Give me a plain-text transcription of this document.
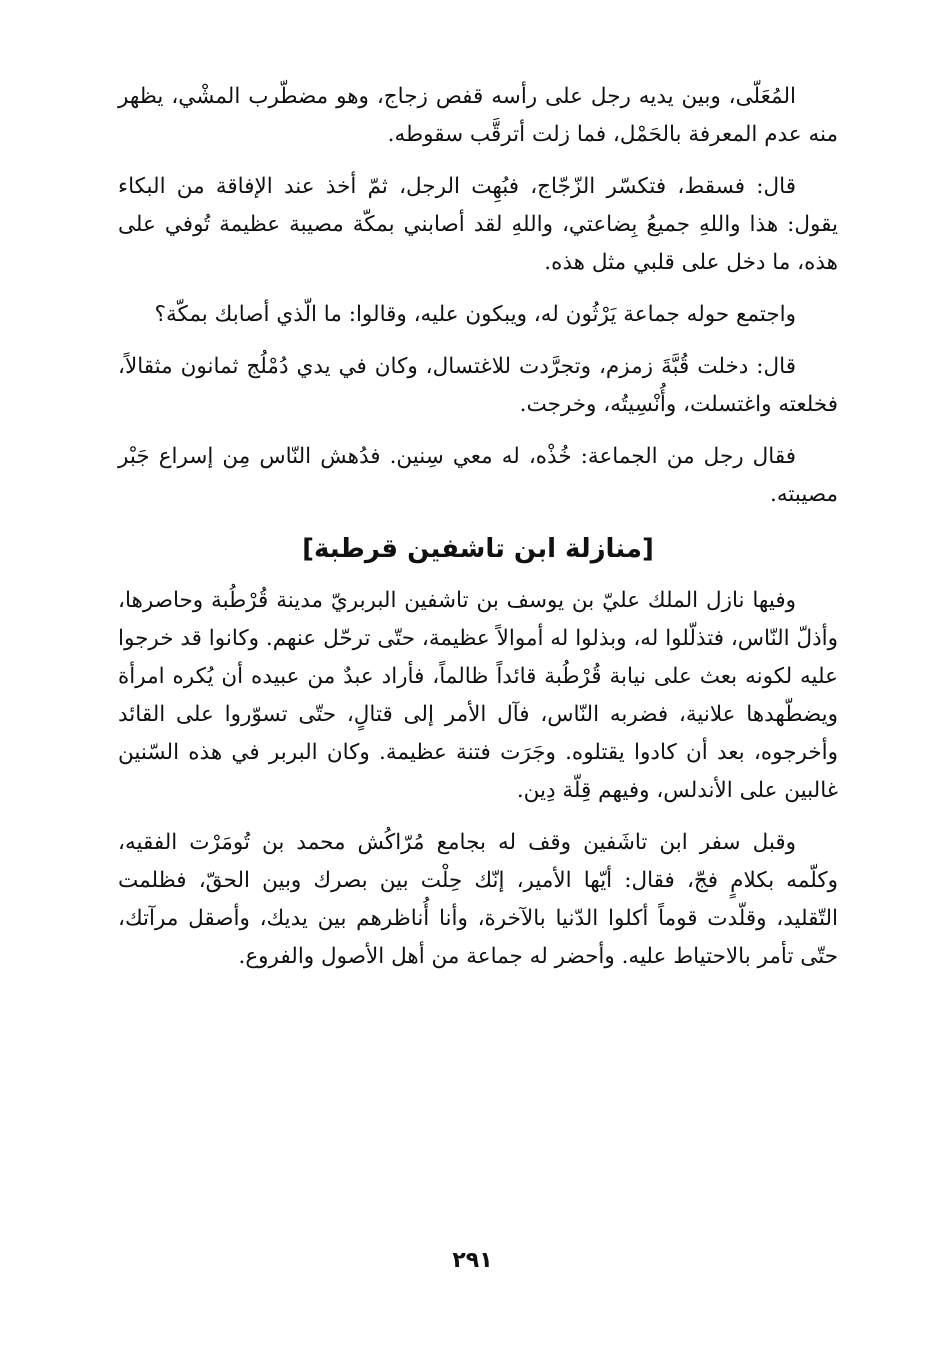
المُعَلّى، وبين يديه رجل على رأسه قفص زجاج، وهو مضطّرب المشْي، يظهر منه عدم المعرفة بالحَمْل، فما زلت أترقَّب سقوطه.

قال: فسقط، فتكسّر الزّجّاج، فبُهِت الرجل، ثمّ أخذ عند الإفاقة من البكاء يقول: هذا واللهِ جميعُ بِضاعتي، واللهِ لقد أصابني بمكّة مصيبة عظيمة تُوفي على هذه، ما دخل على قلبي مثل هذه.

واجتمع حوله جماعة يَرْثُون له، ويبكون عليه، وقالوا: ما الّذي أصابك بمكّة؟

قال: دخلت قُبَّةَ زمزم، وتجرَّدت للاغتسال، وكان في يدي دُمْلُج ثمانون مثقالاً، فخلعته واغتسلت، وأُنْسِيتُه، وخرجت.

فقال رجل من الجماعة: خُذْه، له معي سِنين. فدُهش النّاس مِن إسراع جَبْر مصيبته.

[منازلة ابن تاشفين قرطبة]

وفيها نازل الملك عليّ بن يوسف بن تاشفين البربريّ مدينة قُرْطُبة وحاصرها، وأذلّ النّاس، فتذلّلوا له، وبذلوا له أموالاً عظيمة، حتّى ترحّل عنهم. وكانوا قد خرجوا عليه لكونه بعث على نيابة قُرْطُبة قائداً ظالماً، فأراد عبدٌ من عبيده أن يُكره امرأة ويضطّهدها علانية، فضربه النّاس، فآل الأمر إلى قتالٍ، حتّى تسوّروا على القائد وأخرجوه، بعد أن كادوا يقتلوه. وجَرَت فتنة عظيمة. وكان البربر في هذه السّنين غالبين على الأندلس، وفيهم قِلّة دِين.

وقبل سفر ابن تاشَفين وقف له بجامع مُرّاكُش محمد بن تُومَرْت الفقيه، وكلّمه بكلامٍ فجّ، فقال: أيّها الأمير، إنّك حِلْت بين بصرك وبين الحقّ، فظلمت التّقليد، وقلّدت قوماً أكلوا الدّنيا بالآخرة، وأنا أُناظرهم بين يديك، وأصقل مرآتك، حتّى تأمر بالاحتياط عليه. وأحضر له جماعة من أهل الأصول والفروع.

٢٩١
